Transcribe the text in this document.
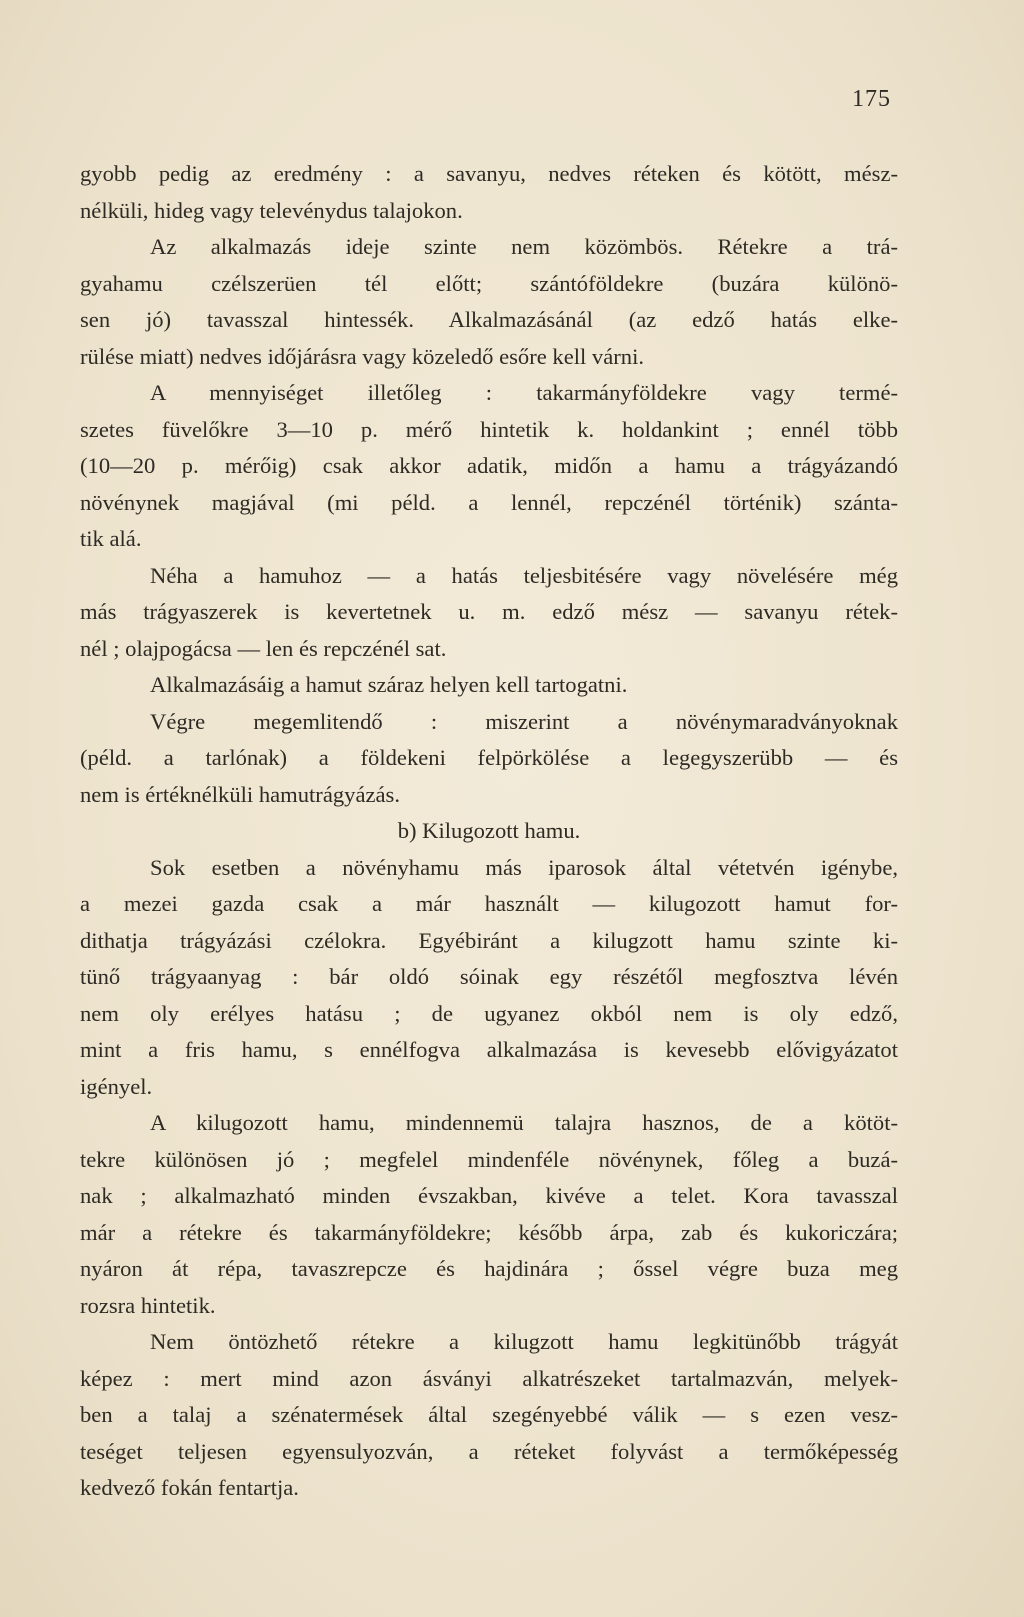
175
gyobb pedig az eredmény : a savanyu, nedves réteken és kötött, mész-
nélküli, hideg vagy televénydus talajokon.
Az alkalmazás ideje szinte nem közömbös. Rétekre a trá-
gyahamu czélszerüen tél előtt; szántóföldekre (buzára különö-
sen jó) tavasszal hintessék. Alkalmazásánál (az edző hatás elke-
rülése miatt) nedves időjárásra vagy közeledő esőre kell várni.
A mennyiséget illetőleg : takarmányföldekre vagy termé-
szetes füvelőkre 3—10 p. mérő hintetik k. holdankint ; ennél több
(10—20 p. mérőig) csak akkor adatik, midőn a hamu a trágyázandó
növénynek magjával (mi péld. a lennél, repczénél történik) szánta-
tik alá.
Néha a hamuhoz — a hatás teljesbitésére vagy növelésére még
más trágyaszerek is kevertetnek u. m. edző mész — savanyu rétek-
nél ; olajpogácsa — len és repczénél sat.
Alkalmazásáig a hamut száraz helyen kell tartogatni.
Végre megemlitendő : miszerint a növénymaradványoknak
(péld. a tarlónak) a földekeni felpörkölése a legegyszerübb — és
nem is értéknélküli hamutrágyázás.
b) Kilugozott hamu.
Sok esetben a növényhamu más iparosok által vétetvén igénybe,
a mezei gazda csak a már használt — kilugozott hamut for-
dithatja trágyázási czélokra. Egyébiránt a kilugzott hamu szinte ki-
tünő trágyaanyag : bár oldó sóinak egy részétől megfosztva lévén
nem oly erélyes hatásu ; de ugyanez okból nem is oly edző,
mint a fris hamu, s ennélfogva alkalmazása is kevesebb elővigyázatot
igényel.
A kilugozott hamu, mindennemü talajra hasznos, de a kötöt-
tekre különösen jó ; megfelel mindenféle növénynek, főleg a buzá-
nak ; alkalmazható minden évszakban, kivéve a telet. Kora tavasszal
már a rétekre és takarmányföldekre; később árpa, zab és kukoriczára;
nyáron át répa, tavaszrepcze és hajdinára ; őssel végre buza meg
rozsra hintetik.
Nem öntözhető rétekre a kilugzott hamu legkitünőbb trágyát
képez : mert mind azon ásványi alkatrészeket tartalmazván, melyek-
ben a talaj a szénatermések által szegényebbé válik — s ezen vesz-
teséget teljesen egyensulyozván, a réteket folyvást a termőképesség
kedvező fokán fentartja.
